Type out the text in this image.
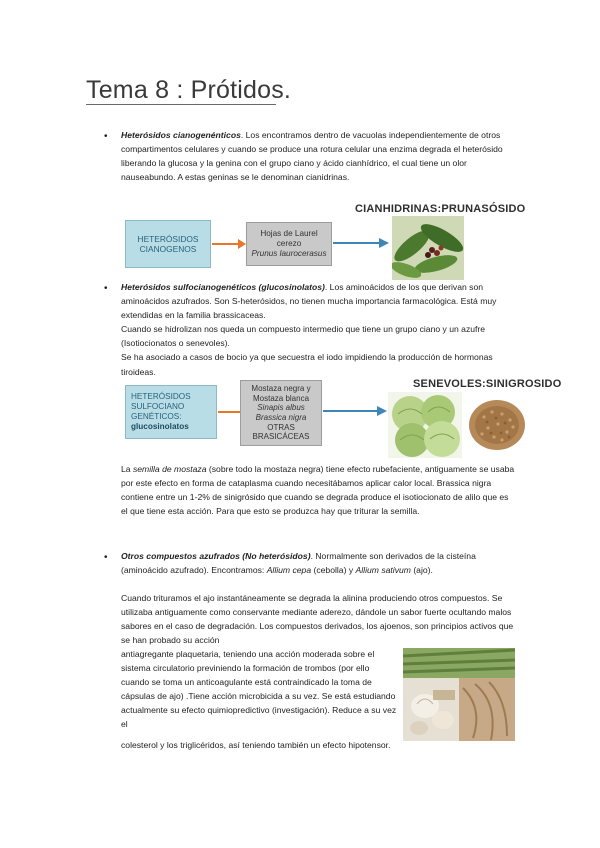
Tema 8 : Prótidos.
• Heterósidos cianogenénticos. Los encontramos dentro de vacuolas independientemente de otros compartimentos celulares y cuando se produce una rotura celular una enzima degrada el heterósido liberando la glucosa y la genina con el grupo ciano y ácido cianhídrico, el cual tiene un olor nauseabundo. A estas geninas se le denominan cianidrinas.

HETERÓSIDOS CIANOGENOS
Hojas de Laurel cerezo
Prunus laurocerasus
CIANHIDRINAS:PRUNASÓSIDO
• Heterósidos sulfocianogenéticos (glucosinolatos). Los aminoácidos de los que derivan son aminoácidos azufrados. Son S-heterósidos, no tienen mucha importancia farmacológica. Está muy extendidas en la familia brassicaceas.
Cuando se hidrolizan nos queda un compuesto intermedio que tiene un grupo ciano y un azufre (Isotiocionatos o senevoles).
Se ha asociado a casos de bocio ya que secuestra el iodo impidiendo la producción de hormonas tiroideas.

HETERÓSIDOS SULFOCIANO GENÉTICOS:
glucosinolatos
Mostaza negra y Mostaza blanca
Sinapis albus
Brassica nigra
OTRAS BRASICÁCEAS
SENEVOLES:SINIGROSIDO

La semilla de mostaza (sobre todo la mostaza negra) tiene efecto rubefaciente, antiguamente se usaba por este efecto en forma de cataplasma cuando necesitábamos aplicar calor local. Brassica nigra contiene entre un 1-2% de sinigrósido que cuando se degrada produce el isotiocionato de alilo que es el que tiene esta acción. Para que esto se produzca hay que triturar la semilla.

• Otros compuestos azufrados (No heterósidos). Normalmente son derivados de la cisteína (aminoácido azufrado). Encontramos: Allium cepa (cebolla) y Allium sativum (ajo).

Cuando trituramos el ajo instantáneamente se degrada la alinina produciendo otros compuestos. Se utilizaba antiguamente como conservante mediante aderezo, dándole un sabor fuerte ocultando malos sabores en el caso de degradación. Los compuestos derivados, los ajoenos, son principios activos que se han probado su acción

antiagregante plaquetaria, teniendo una acción moderada sobre el sistema circulatorio previniendo la formación de trombos (por ello cuando se toma un anticoagulante está contraindicado la toma de cápsulas de ajo) .Tiene acción microbicida a su vez. Se está estudiando actualmente su efecto quimiopredictivo (investigación). Reduce a su vez el

colesterol y los triglicéridos, así teniendo también un efecto hipotensor.
